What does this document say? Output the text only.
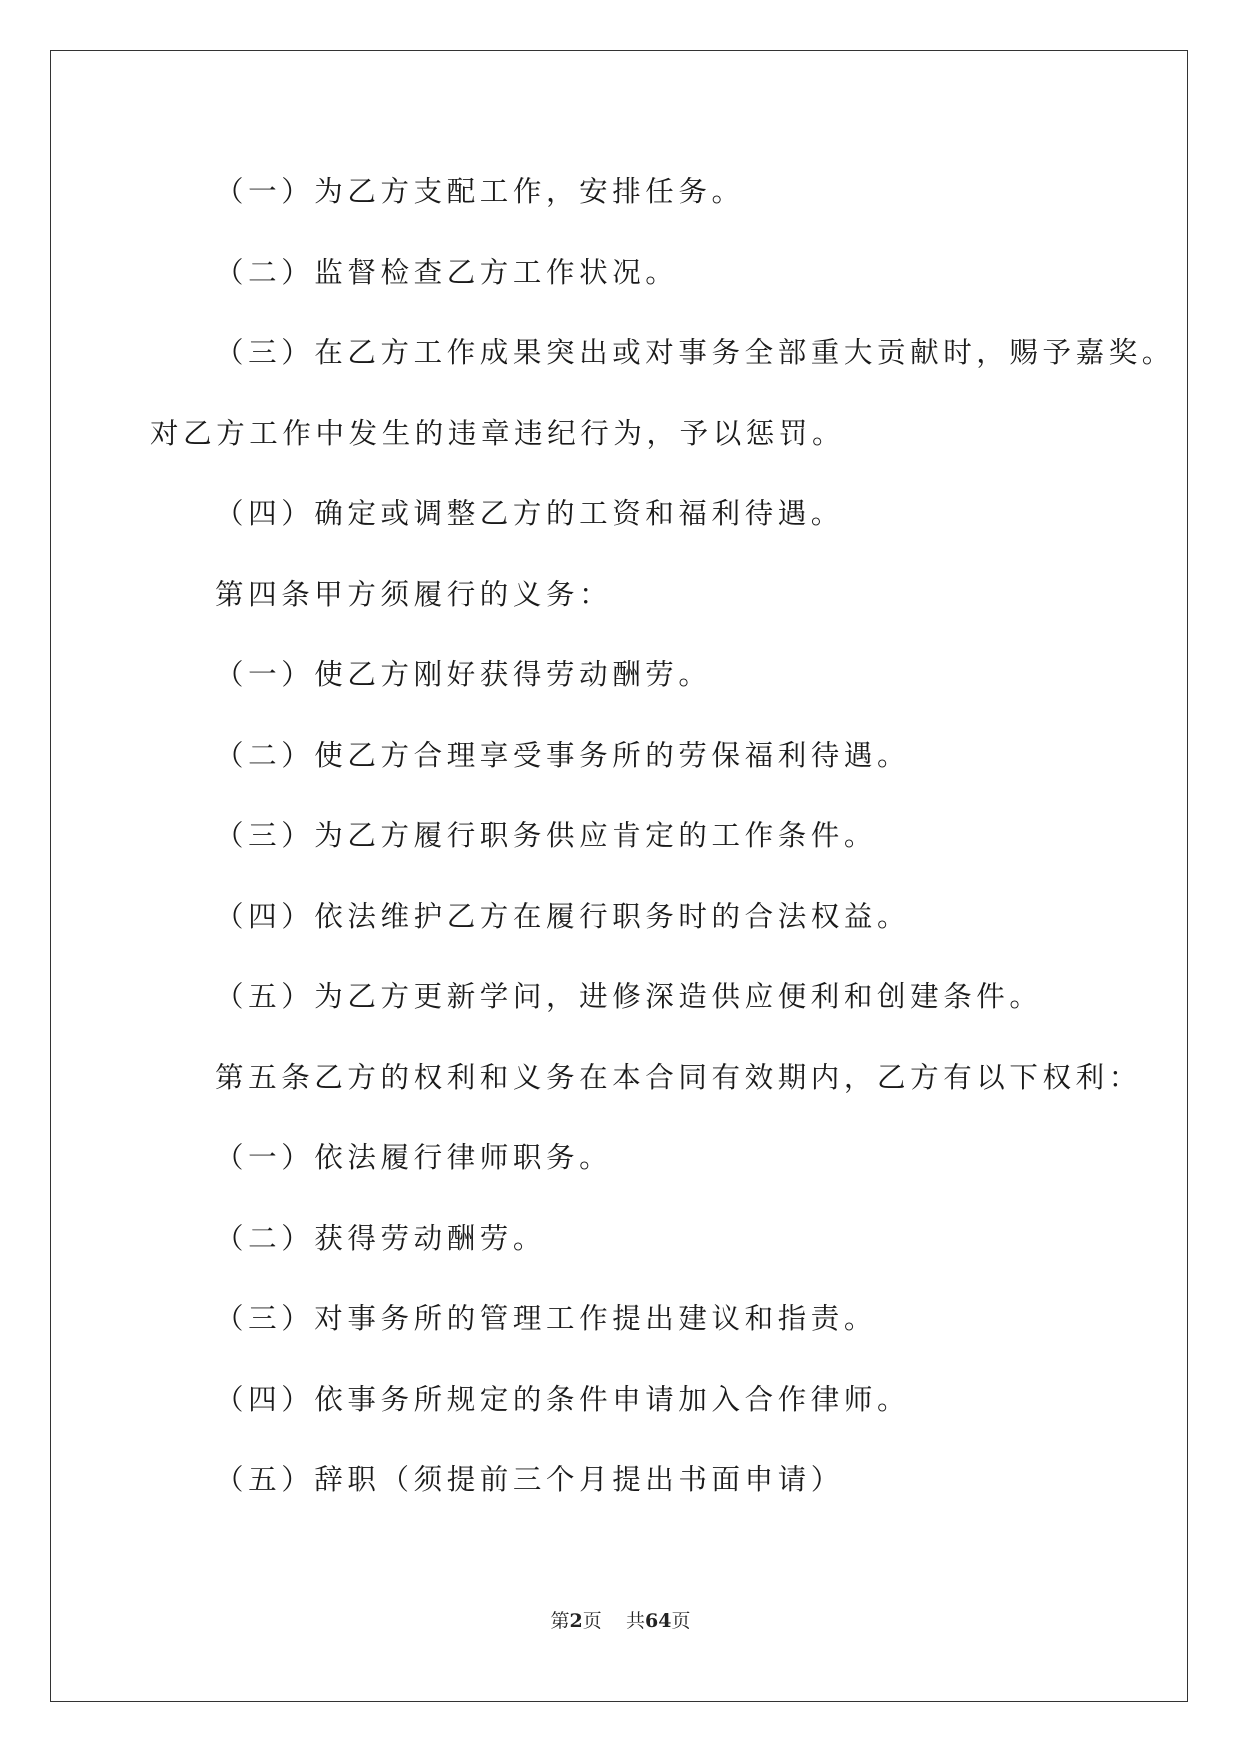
（一）为乙方支配工作，安排任务。
（二）监督检查乙方工作状况。
（三）在乙方工作成果突出或对事务全部重大贡献时，赐予嘉奖。
对乙方工作中发生的违章违纪行为，予以惩罚。
（四）确定或调整乙方的工资和福利待遇。
第四条甲方须履行的义务：
（一）使乙方刚好获得劳动酬劳。
（二）使乙方合理享受事务所的劳保福利待遇。
（三）为乙方履行职务供应肯定的工作条件。
（四）依法维护乙方在履行职务时的合法权益。
（五）为乙方更新学问，进修深造供应便利和创建条件。
第五条乙方的权利和义务在本合同有效期内，乙方有以下权利：
（一）依法履行律师职务。
（二）获得劳动酬劳。
（三）对事务所的管理工作提出建议和指责。
（四）依事务所规定的条件申请加入合作律师。
（五）辞职（须提前三个月提出书面申请）
第2页 共64页
